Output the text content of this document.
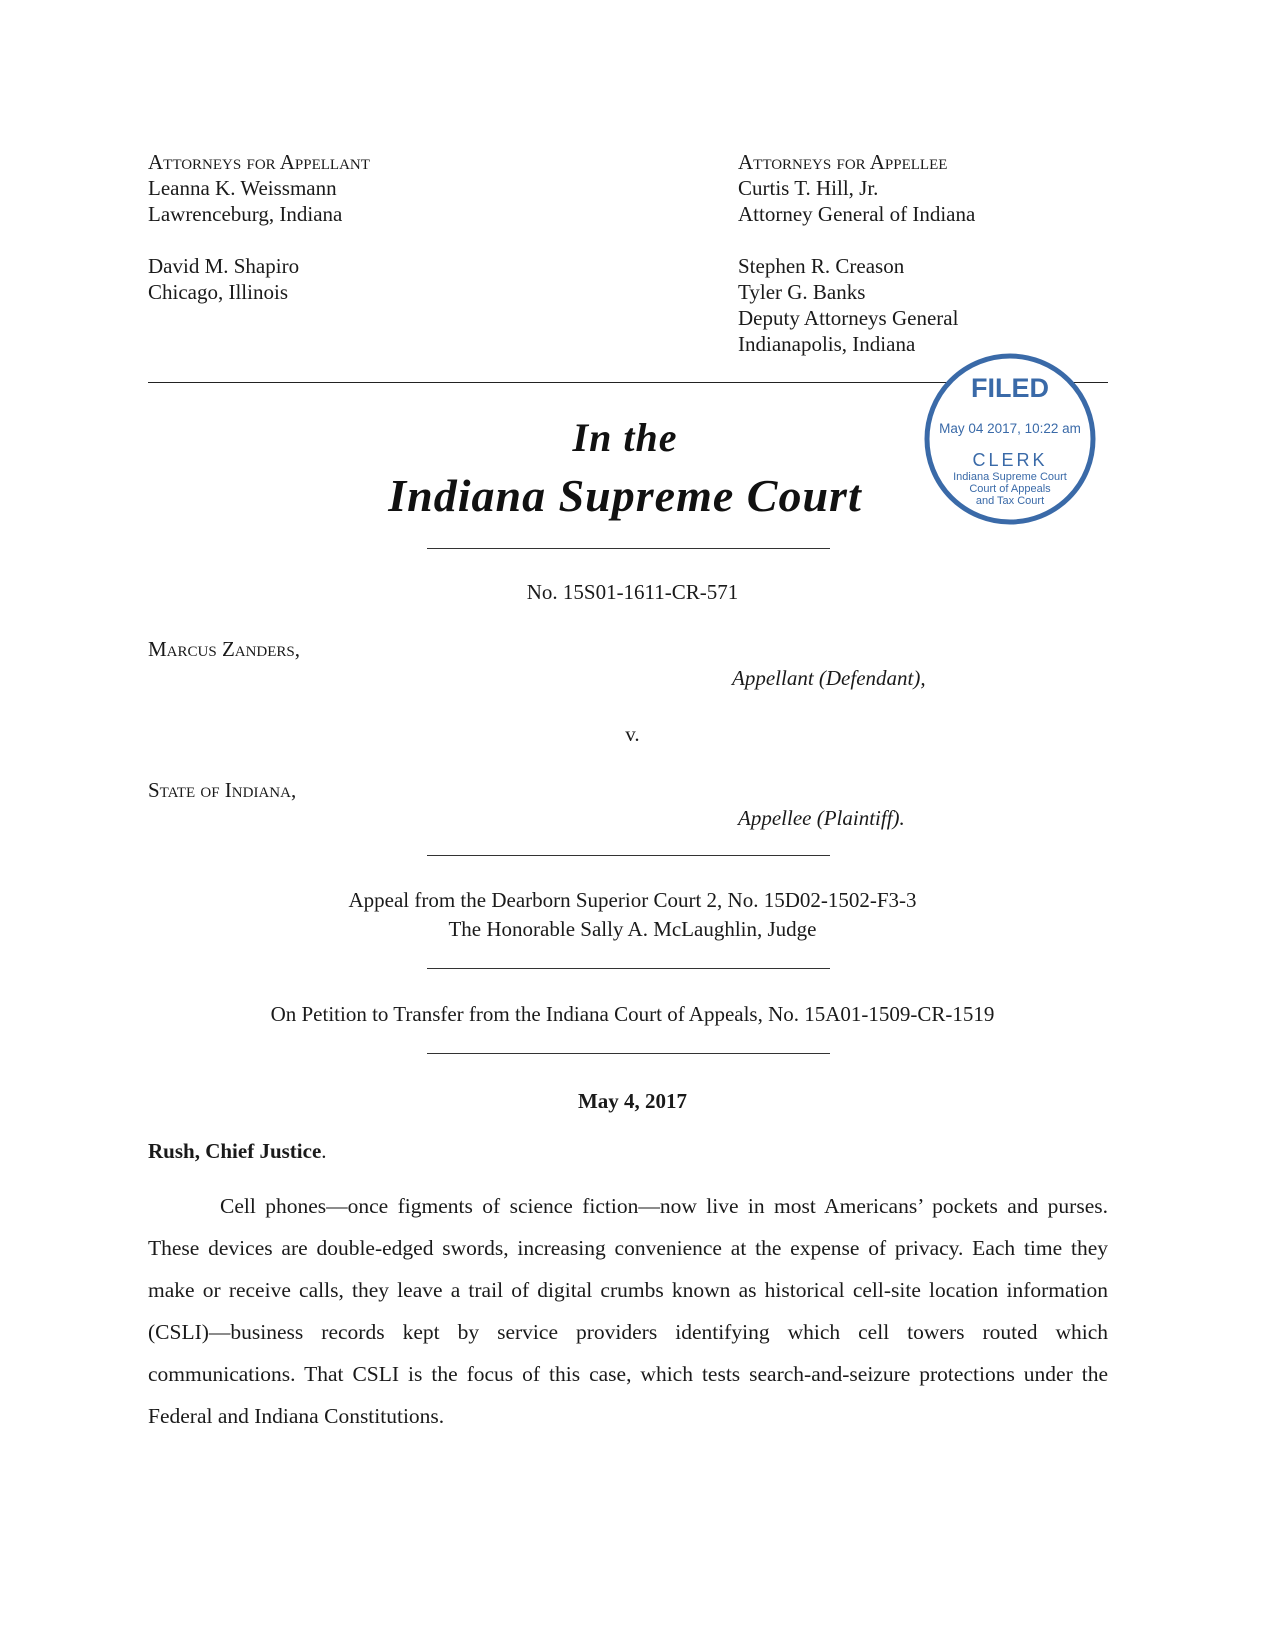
Attorneys for Appellant
Leanna K. Weissmann
Lawrenceburg, Indiana
David M. Shapiro
Chicago, Illinois
Attorneys for Appellee
Curtis T. Hill, Jr.
Attorney General of Indiana
Stephen R. Creason
Tyler G. Banks
Deputy Attorneys General
Indianapolis, Indiana
FILED
May 04 2017, 10:22 am
CLERK
Indiana Supreme Court
Court of Appeals
and Tax Court
In the
Indiana Supreme Court
No. 15S01-1611-CR-571
Marcus Zanders,
Appellant (Defendant),
v.
State of Indiana,
Appellee (Plaintiff).
Appeal from the Dearborn Superior Court 2, No. 15D02-1502-F3-3
The Honorable Sally A. McLaughlin, Judge
On Petition to Transfer from the Indiana Court of Appeals, No. 15A01-1509-CR-1519
May 4, 2017
Rush, Chief Justice.

Cell phones—once figments of science fiction—now live in most Americans’ pockets and purses. These devices are double-edged swords, increasing convenience at the expense of privacy. Each time they make or receive calls, they leave a trail of digital crumbs known as historical cell-site location information (CSLI)—business records kept by service providers identifying which cell towers routed which communications. That CSLI is the focus of this case, which tests search-and-seizure protections under the Federal and Indiana Constitutions.
